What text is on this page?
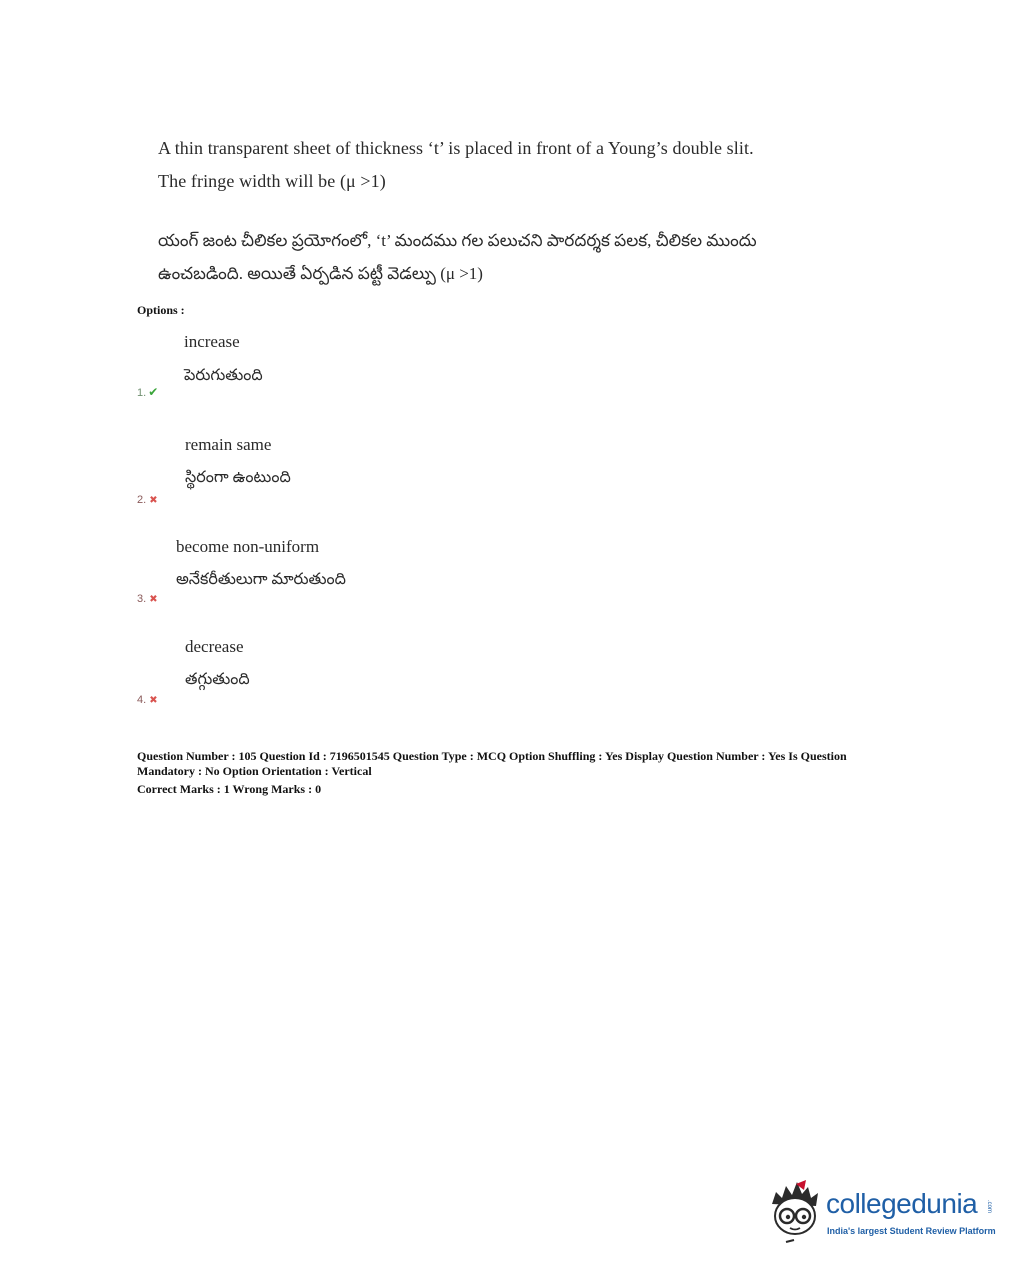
A thin transparent sheet of thickness ‘t’ is placed in front of a Young’s double slit.
The fringe width will be (μ >1)
యంగ్ జంట చీలికల ప్రయోగంలో, ‘t’ మందము గల పలుచని పారదర్శక పలక, చీలికల ముందు
ఉంచబడింది. అయితే ఏర్పడిన పట్టీ వెడల్పు (μ >1)
Options :
increase
పెరుగుతుంది
1. ✔
remain same
స్థిరంగా ఉంటుంది
2. ✖
become non-uniform
అనేకరీతులుగా మారుతుంది
3. ✖
decrease
తగ్గుతుంది
4. ✖

Question Number : 105 Question Id : 7196501545 Question Type : MCQ Option Shuffling : Yes Display Question Number : Yes Is Question

Mandatory : No Option Orientation : Vertical

Correct Marks : 1 Wrong Marks : 0

collegedunia .com
India's largest Student Review Platform
